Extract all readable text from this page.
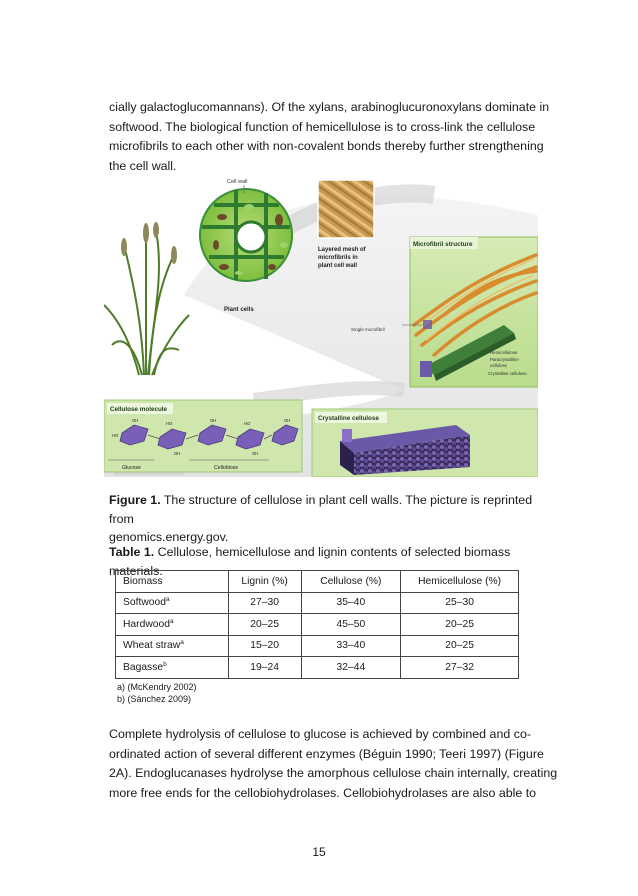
cially galactoglucomannans). Of the xylans, arabinoglucuronoxylans dominate in
softwood. The biological function of hemicellulose is to cross-link the cellulose
microfibrils to each other with non-covalent bonds thereby further strengthening
the cell wall.
Cell wall
Plant cells
Layered mesh of
microfibrils in
plant cell wall
Microfibril structure
Single microfibril
Hemicellulose
Paracrystalline
cellulose
Crystalline cellulose
Cellulose molecule
HO
OH
HO
OH
OH
HO
OH
OH
Glucose	Cellobiose
Crystalline cellulose
Figure 1. The structure of cellulose in plant cell walls. The picture is reprinted from
genomics.energy.gov.
Table 1. Cellulose, hemicellulose and lignin contents of selected biomass materials.
Biomass	Lignin (%)	Cellulose (%)	Hemicellulose (%)
Softwood$^a$	27–30	35–40	25–30
Hardwood$^a$	20–25	45–50	20–25
Wheat straw$^a$	15–20	33–40	20–25
Bagasse$^b$	19–24	32–44	27–32
a) (McKendry 2002)
b) (Sánchez 2009)
Complete hydrolysis of cellulose to glucose is achieved by combined and co-
ordinated action of several different enzymes (Béguin 1990; Teeri 1997) (Figure
2A). Endoglucanases hydrolyse the amorphous cellulose chain internally, creating
more free ends for the cellobiohydrolases. Cellobiohydrolases are also able to
15
